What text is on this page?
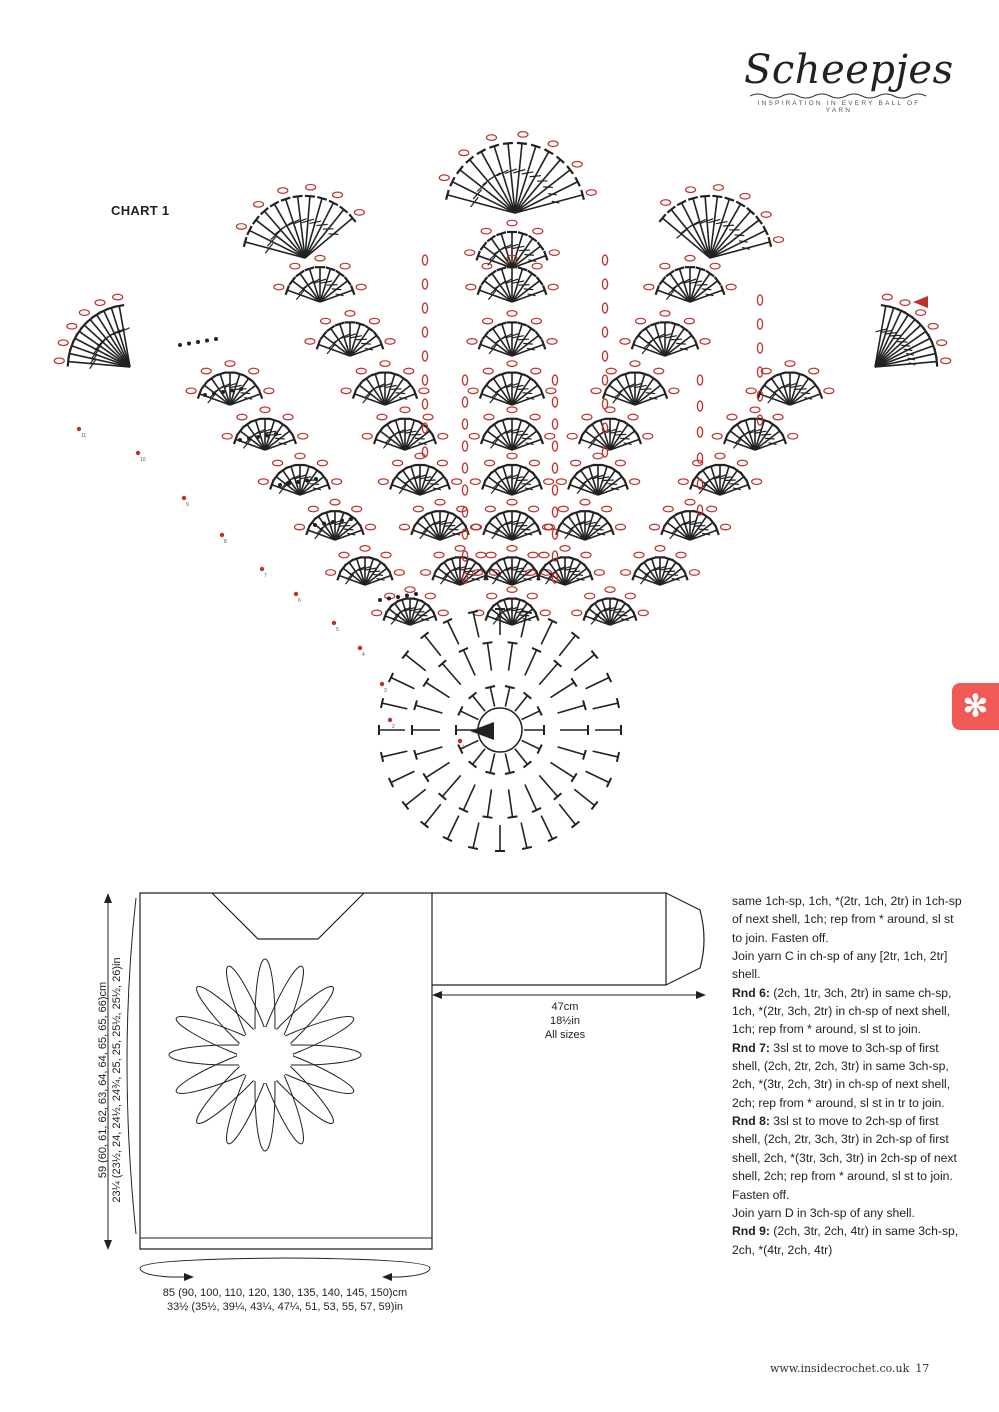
Scheepjes
INSPIRATION IN EVERY BALL OF YARN
CHART 1
11
10
9
8
7
6
5
4
3
2
1
✻
59 (60, 61, 62, 63, 64, 64, 65, 65, 66)cm 23¼ (23½, 24, 24½, 24¾, 25, 25, 25½, 25½, 26)in	47cm
18½in
All sizes
85 (90, 100, 110, 120, 130, 135, 140, 145, 150)cm
33½ (35½, 39¼, 43¼, 47¼, 51, 53, 55, 57, 59)in

same 1ch-sp, 1ch, *(2tr, 1ch, 2tr) in 1ch-sp of next shell, 1ch; rep from * around, sl st to join. Fasten off.

Join yarn C in ch-sp of any [2tr, 1ch, 2tr] shell.

Rnd 6: (2ch, 1tr, 3ch, 2tr) in same ch-sp, 1ch, *(2tr, 3ch, 2tr) in ch-sp of next shell, 1ch; rep from * around, sl st to join.

Rnd 7: 3sl st to move to 3ch-sp of first shell, (2ch, 2tr, 2ch, 3tr) in same 3ch-sp, 2ch, *(3tr, 2ch, 3tr) in ch-sp of next shell, 2ch; rep from * around, sl st in tr to join.

Rnd 8: 3sl st to move to 2ch-sp of first shell, (2ch, 2tr, 3ch, 3tr) in 2ch-sp of first shell, 2ch, *(3tr, 3ch, 3tr) in 2ch-sp of next shell, 2ch; rep from * around, sl st to join. Fasten off.

Join yarn D in 3ch-sp of any shell.

Rnd 9: (2ch, 3tr, 2ch, 4tr) in same 3ch-sp, 2ch, *(4tr, 2ch, 4tr)

www.insidecrochet.co.uk 17
